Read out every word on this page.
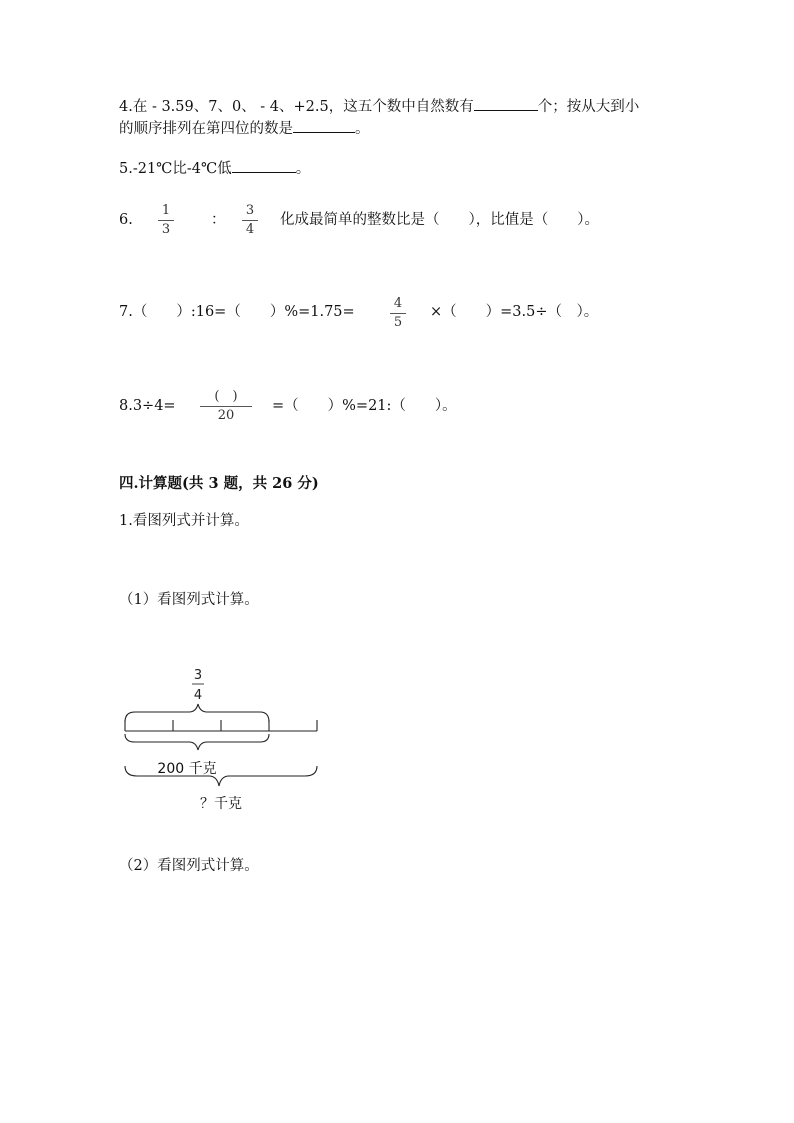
4.在 - 3.59、7、0、 - 4、+2.5，这五个数中自然数有	个；按从大到小
的顺序排列在第四位的数是	。
5.-21℃比-4℃低	。
6.
1
3
：
3
4
化成最简单的整数比是（　　），比值是（　　）。
7.（　　）:16=（　　）%=1.75=
4
5
×（　　）=3.5÷（　）。
8.3÷4=
(　)
20
=（　　）%=21:（　　）。
四.计算题(共 3 题，共 26 分)
1.看图列式并计算。
（1）看图列式计算。
3
4
200 千克
？千克
（2）看图列式计算。
